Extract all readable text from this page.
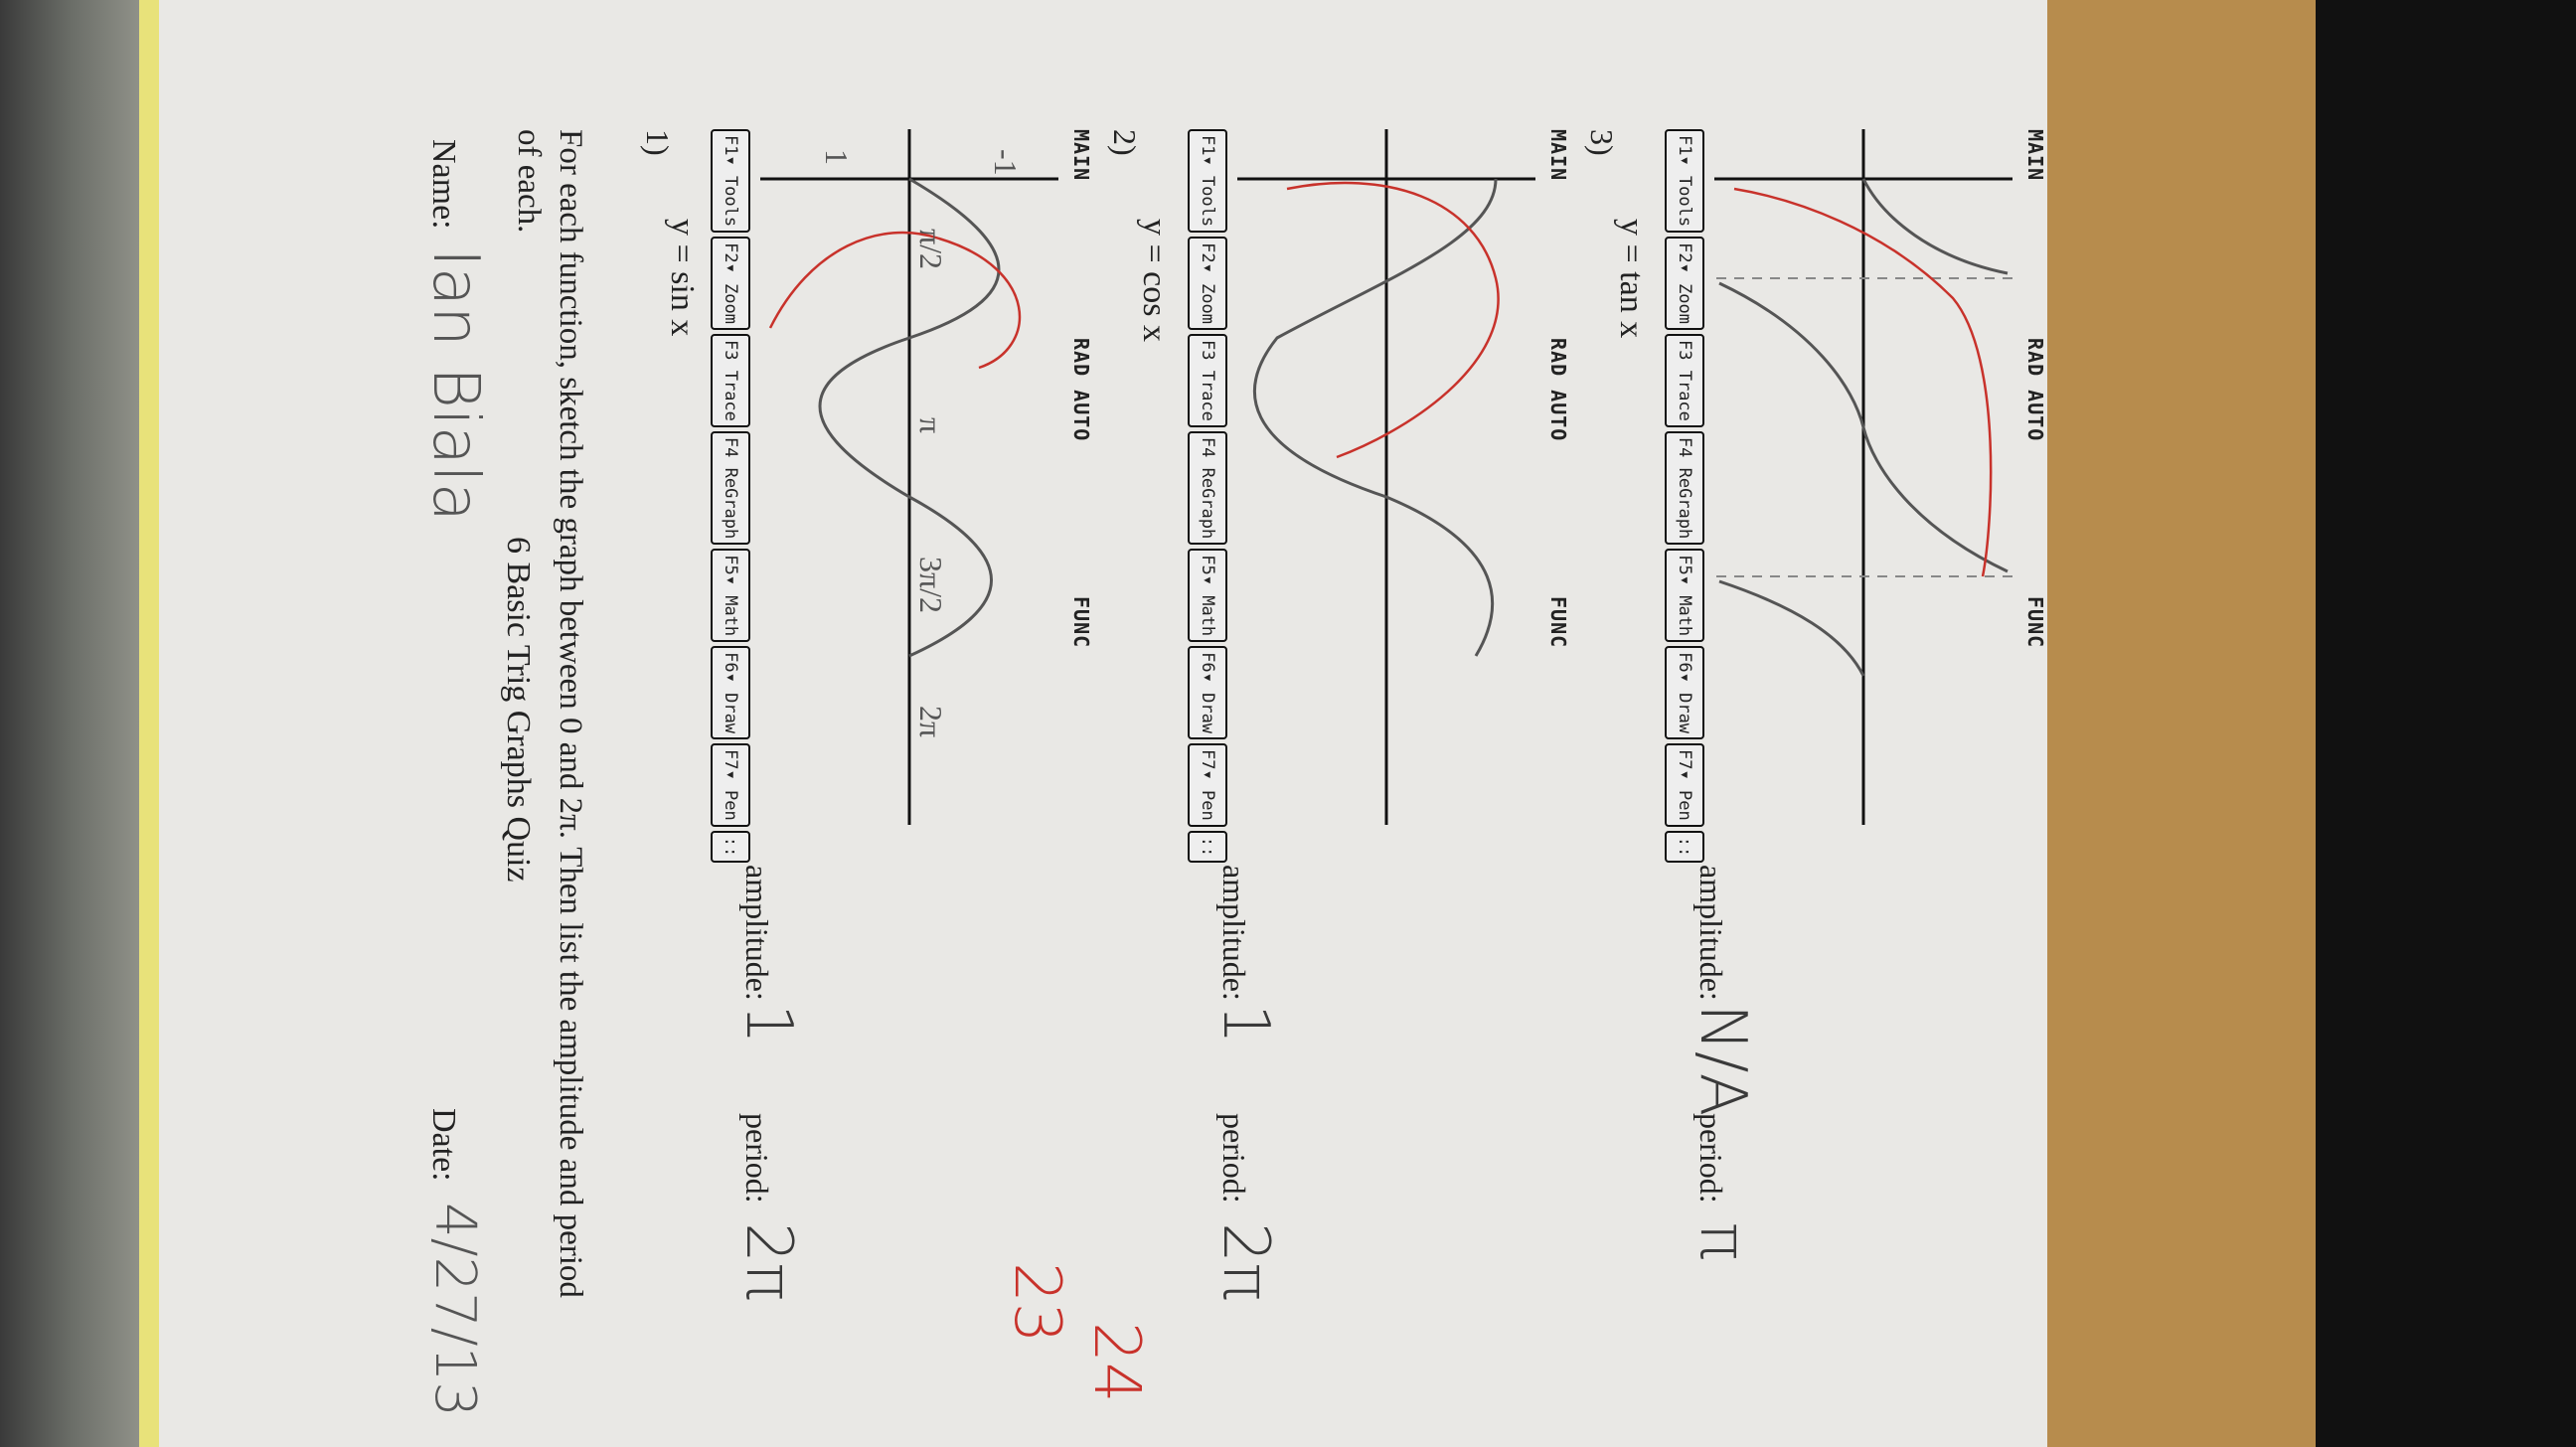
Name:
Ian Biala
Date:
4/27/13
6 Basic Trig Graphs Quiz For each function, sketch the graph between 0 and 2π. Then list the amplitude and period of each.	1)
y = sin x
F1▾ Tools
F2▾ Zoom
F3 Trace
F4 ReGraph
F5▾ Math
F6▾ Draw
F7▾ Pen
::
MAIN
RAD AUTO
FUNC
amplitude:
1
period:
2π
23
24
2)
y = cos x
F1▾ Tools
F2▾ Zoom
F3 Trace
F4 ReGraph
F5▾ Math
F6▾ Draw
F7▾ Pen
::
MAIN
RAD AUTO
FUNC
amplitude:
1
period:
2π
3)
y = tan x
F1▾ Tools
F2▾ Zoom
F3 Trace
F4 ReGraph
F5▾ Math
F6▾ Draw
F7▾ Pen
::
MAIN
RAD AUTO
FUNC
amplitude:
N/A
period:
π
π/2
π
3π/2
2π
1	-1
